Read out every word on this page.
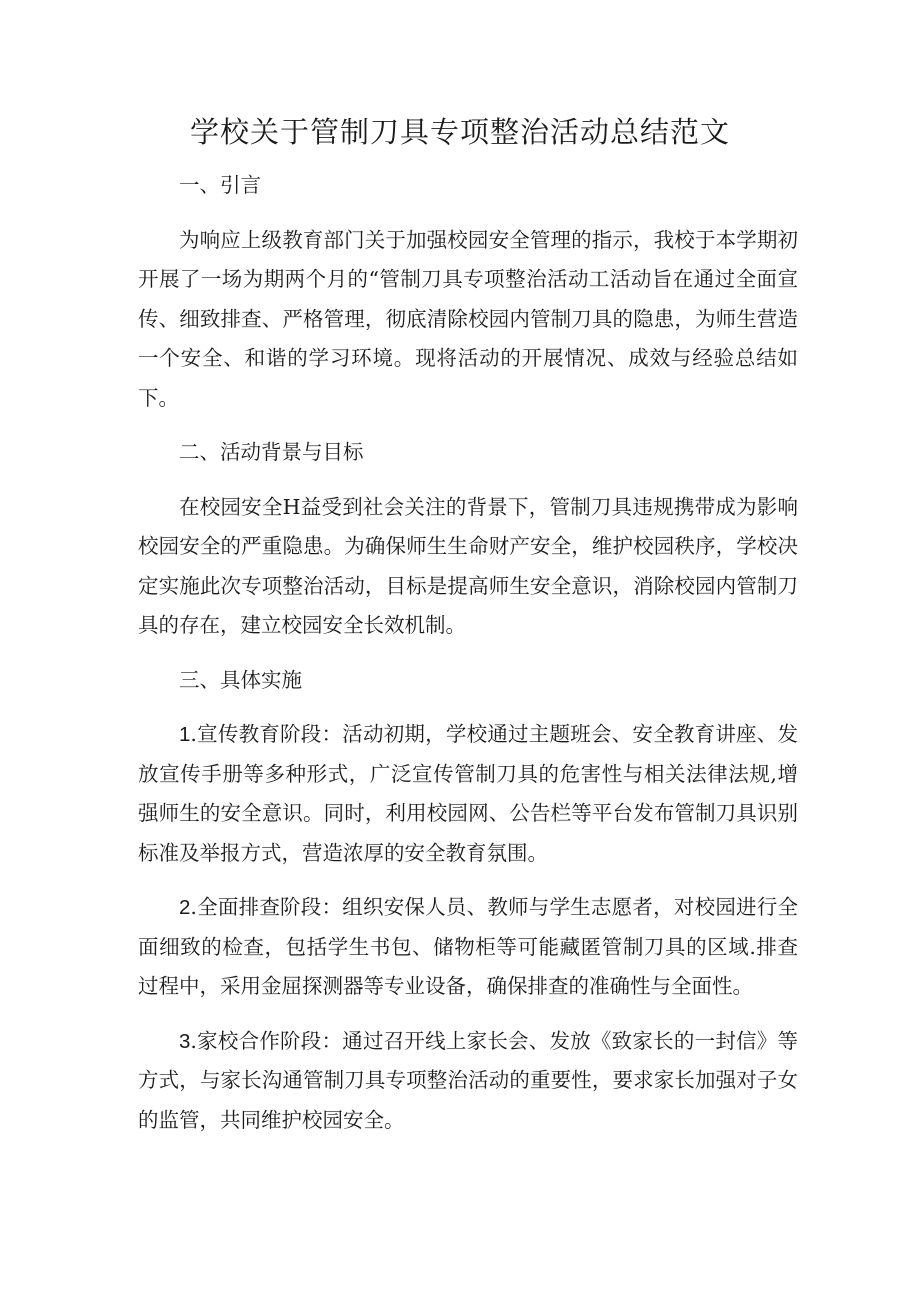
学校关于管制刀具专项整治活动总结范文

一、引言

为响应上级教育部门关于加强校园安全管理的指示，我校于本学期初开展了一场为期两个月的“管制刀具专项整治活动工活动旨在通过全面宣传、细致排查、严格管理，彻底清除校园内管制刀具的隐患，为师生营造一个安全、和谐的学习环境。现将活动的开展情况、成效与经验总结如下。

二、活动背景与目标

在校园安全H益受到社会关注的背景下，管制刀具违规携带成为影响校园安全的严重隐患。为确保师生生命财产安全，维护校园秩序，学校决定实施此次专项整治活动，目标是提高师生安全意识，消除校园内管制刀具的存在，建立校园安全长效机制。

三、具体实施

1.宣传教育阶段：活动初期，学校通过主题班会、安全教育讲座、发放宣传手册等多种形式，广泛宣传管制刀具的危害性与相关法律法规,增强师生的安全意识。同时，利用校园网、公告栏等平台发布管制刀具识别标准及举报方式，营造浓厚的安全教育氛围。

2.全面排查阶段：组织安保人员、教师与学生志愿者，对校园进行全面细致的检查，包括学生书包、储物柜等可能藏匿管制刀具的区域.排查过程中，采用金屈探测器等专业设备，确保排查的准确性与全面性。

3.家校合作阶段：通过召开线上家长会、发放《致家长的一封信》等方式，与家长沟通管制刀具专项整治活动的重要性，要求家长加强对子女的监管，共同维护校园安全。
